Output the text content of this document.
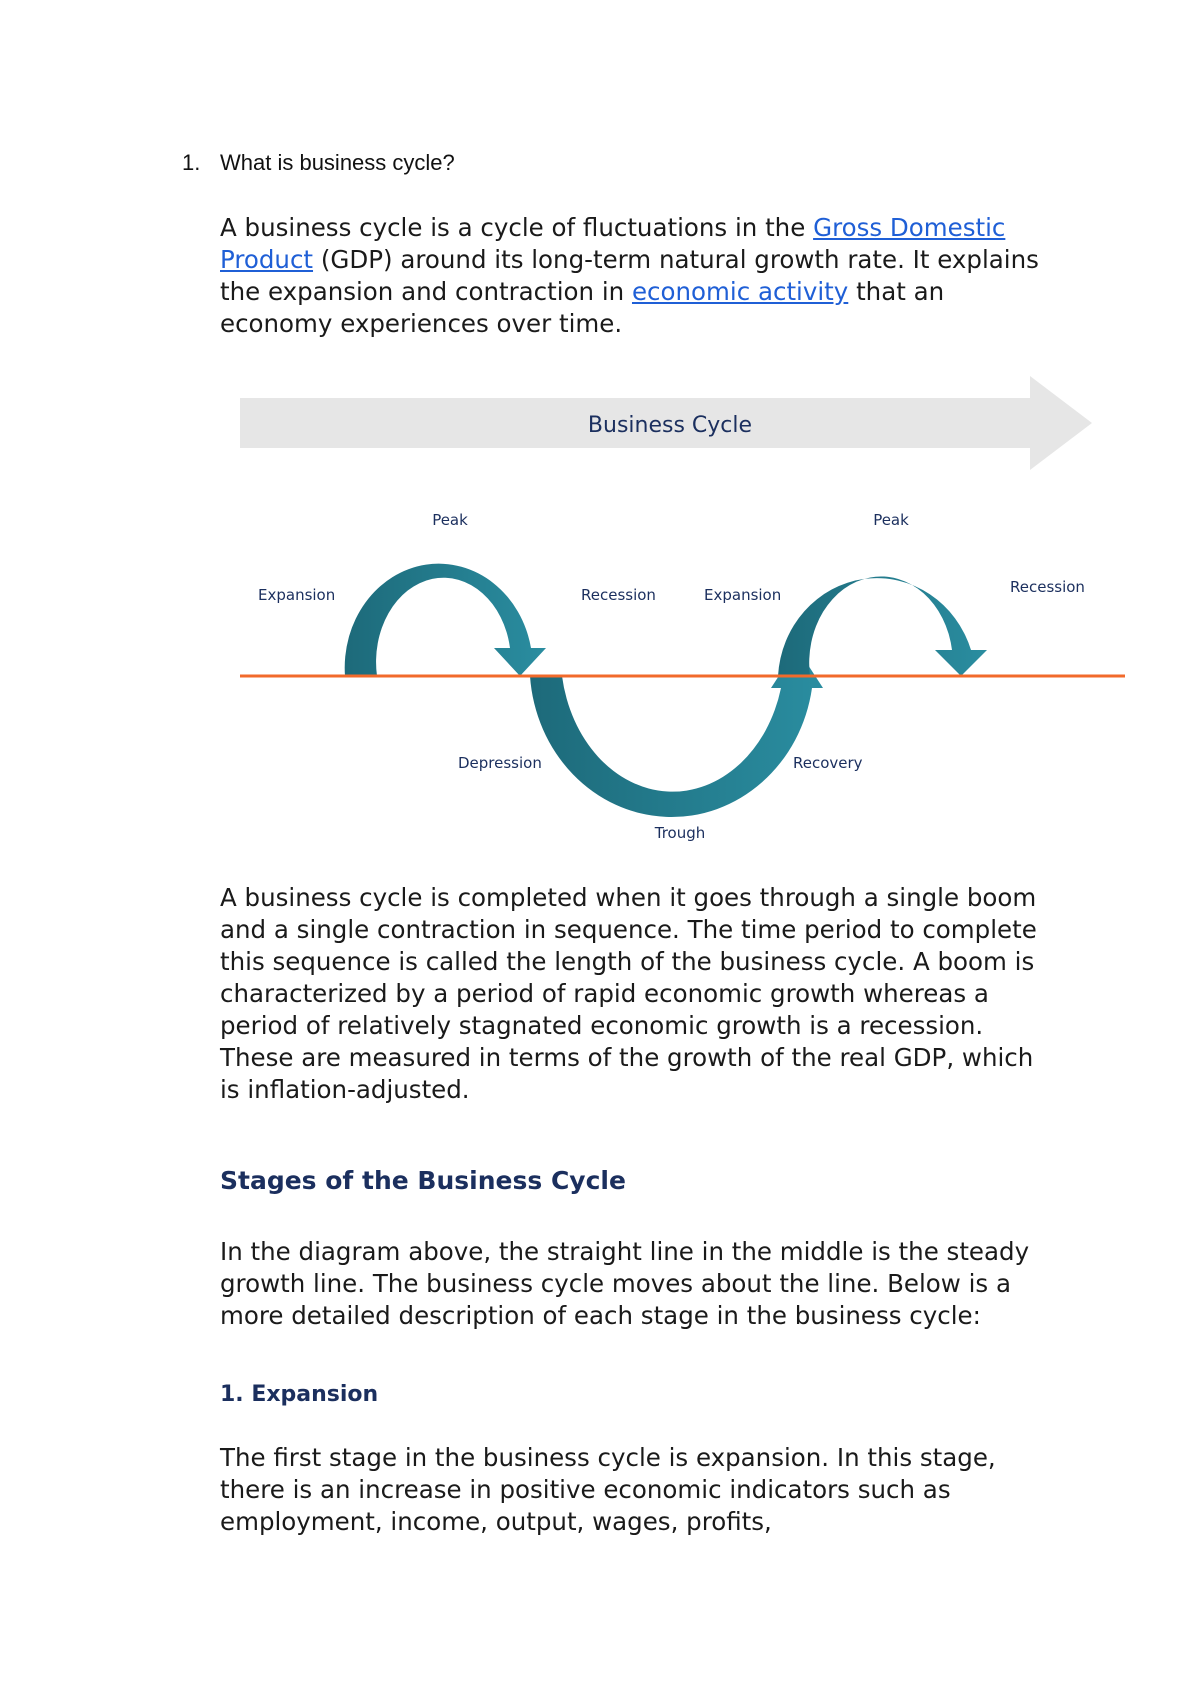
1. What is business cycle?

A business cycle is a cycle of fluctuations in the Gross Domestic Product (GDP) around its long-term natural growth rate. It explains the expansion and contraction in economic activity that an economy experiences over time.

Business Cycle
Peak	Peak
Expansion	Recession	Expansion	Recession
Depression	Recovery
Trough

A business cycle is completed when it goes through a single boom and a single contraction in sequence. The time period to complete this sequence is called the length of the business cycle. A boom is characterized by a period of rapid economic growth whereas a period of relatively stagnated economic growth is a recession. These are measured in terms of the growth of the real GDP, which is inflation-adjusted.

Stages of the Business Cycle

In the diagram above, the straight line in the middle is the steady growth line. The business cycle moves about the line. Below is a more detailed description of each stage in the business cycle:

1. Expansion

The first stage in the business cycle is expansion. In this stage, there is an increase in positive economic indicators such as employment, income, output, wages, profits,
